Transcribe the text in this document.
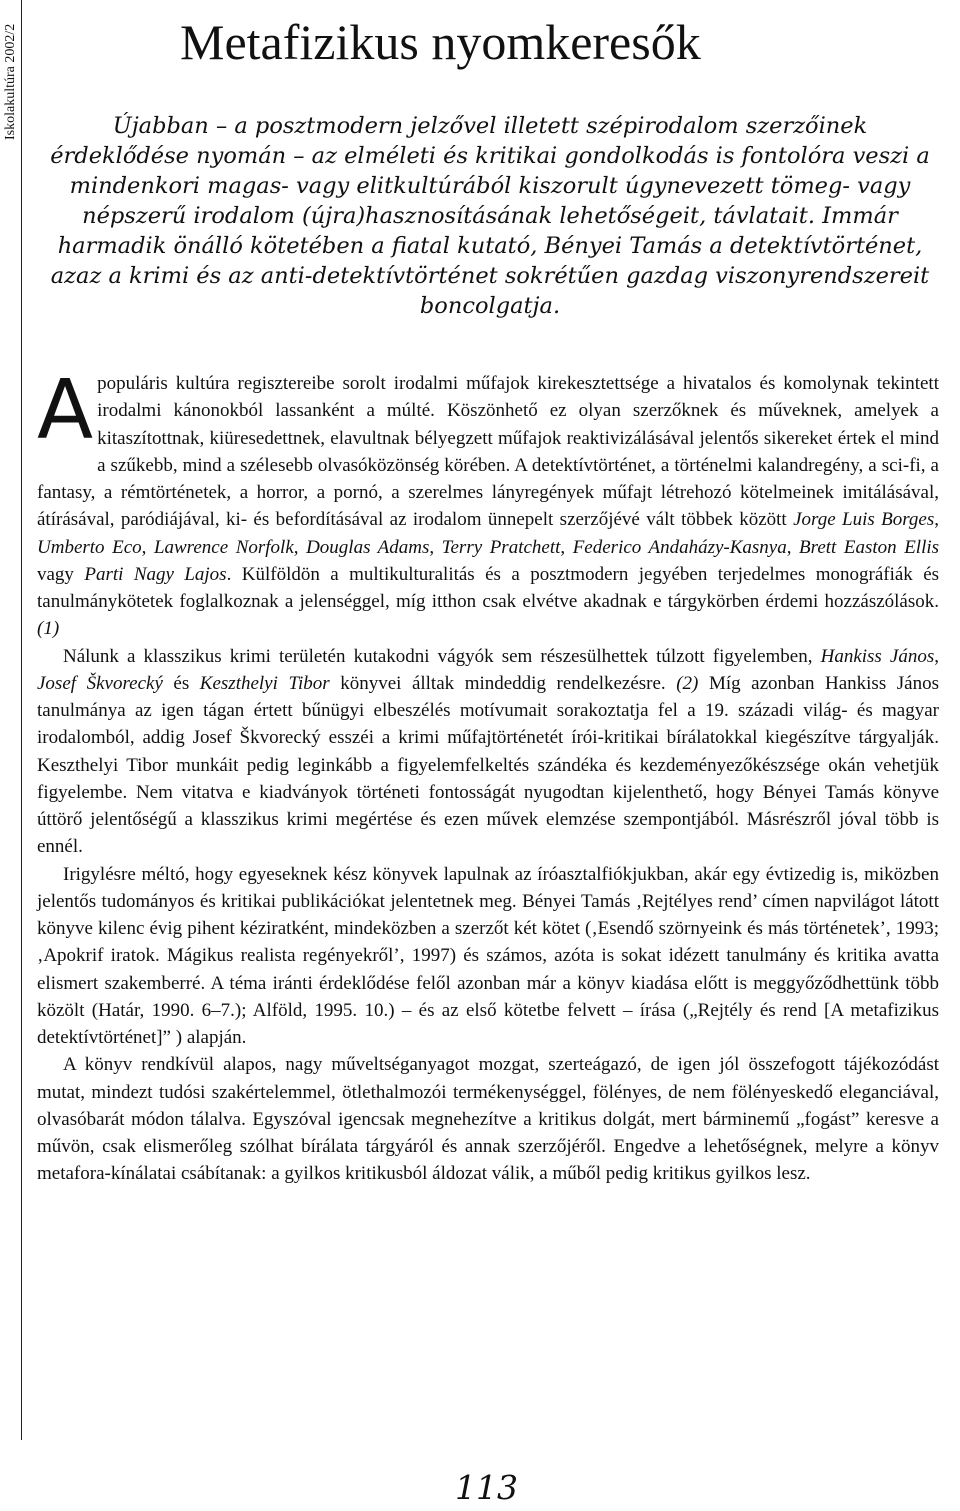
Iskolakultúra 2002/2	Metafizikus nyomkeresők

Újabban – a posztmodern jelzővel illetett szépirodalom szerzőinek érdeklődése nyomán – az elméleti és kritikai gondolkodás is fontolóra veszi a mindenkori magas- vagy elitkultúrából kiszorult úgynevezett tömeg- vagy népszerű irodalom (újra)hasznosításának lehetőségeit, távlatait. Immár harmadik önálló kötetében a fiatal kutató, Bényei Tamás a detektívtörténet, azaz a krimi és az anti-detektívtörténet sokrétűen gazdag viszonyrendszereit boncolgatja.

Apopuláris kultúra regisztereibe sorolt irodalmi műfajok kirekesztettsége a hivatalos és komolynak tekintett irodalmi kánonokból lassanként a múlté. Köszönhető ez olyan szerzőknek és műveknek, amelyek a kitaszítottnak, kiüresedettnek, elavultnak bélyegzett műfajok reaktivizálásával jelentős sikereket értek el mind a szűkebb, mind a szélesebb olvasóközönség körében. A detektívtörténet, a történelmi kalandregény, a sci-fi, a fantasy, a rémtörténetek, a horror, a pornó, a szerelmes lányregények műfajt létrehozó kötelmeinek imitálásával, átírásával, paródiájával, ki- és befordításával az irodalom ünnepelt szerzőjévé vált többek között Jorge Luis Borges, Umberto Eco, Lawrence Norfolk, Douglas Adams, Terry Pratchett, Federico Andaházy-Kasnya, Brett Easton Ellis vagy Parti Nagy Lajos. Külföldön a multikulturalitás és a posztmodern jegyében terjedelmes monográfiák és tanulmánykötetek foglalkoznak a jelenséggel, míg itthon csak elvétve akadnak e tárgykörben érdemi hozzászólások. (1)

Nálunk a klasszikus krimi területén kutakodni vágyók sem részesülhettek túlzott figyelemben, Hankiss János, Josef Škvorecký és Keszthelyi Tibor könyvei álltak mindeddig rendelkezésre. (2) Míg azonban Hankiss János tanulmánya az igen tágan értett bűnügyi elbeszélés motívumait sorakoztatja fel a 19. századi világ- és magyar irodalomból, addig Josef Škvorecký esszéi a krimi műfajtörténetét írói-kritikai bírálatokkal kiegészítve tárgyalják. Keszthelyi Tibor munkáit pedig leginkább a figyelemfelkeltés szándéka és kezdeményezőkészsége okán vehetjük figyelembe. Nem vitatva e kiadványok történeti fontosságát nyugodtan kijelenthető, hogy Bényei Tamás könyve úttörő jelentőségű a klasszikus krimi megértése és ezen művek elemzése szempontjából. Másrészről jóval több is ennél.

Irigylésre méltó, hogy egyeseknek kész könyvek lapulnak az íróasztalfiókjukban, akár egy évtizedig is, miközben jelentős tudományos és kritikai publikációkat jelentetnek meg. Bényei Tamás ‚Rejtélyes rend’ címen napvilágot látott könyve kilenc évig pihent kéziratként, mindeközben a szerzőt két kötet (‚Esendő szörnyeink és más történetek’, 1993; ‚Apokrif iratok. Mágikus realista regényekről’, 1997) és számos, azóta is sokat idézett tanulmány és kritika avatta elismert szakemberré. A téma iránti érdeklődése felől azonban már a könyv kiadása előtt is meggyőződhettünk több közölt (Határ, 1990. 6–7.); Alföld, 1995. 10.) – és az első kötetbe felvett – írása („Rejtély és rend [A metafizikus detektívtörténet]” ) alapján.

A könyv rendkívül alapos, nagy műveltséganyagot mozgat, szerteágazó, de igen jól összefogott tájékozódást mutat, mindezt tudósi szakértelemmel, ötlethalmozói termékenységgel, fölényes, de nem fölényeskedő eleganciával, olvasóbarát módon tálalva. Egyszóval igencsak megnehezítve a kritikus dolgát, mert bárminemű „fogást” keresve a művön, csak elismerőleg szólhat bírálata tárgyáról és annak szerzőjéről. Engedve a lehetőségnek, melyre a könyv metafora-kínálatai csábítanak: a gyilkos kritikusból áldozat válik, a műből pedig kritikus gyilkos lesz.

113
